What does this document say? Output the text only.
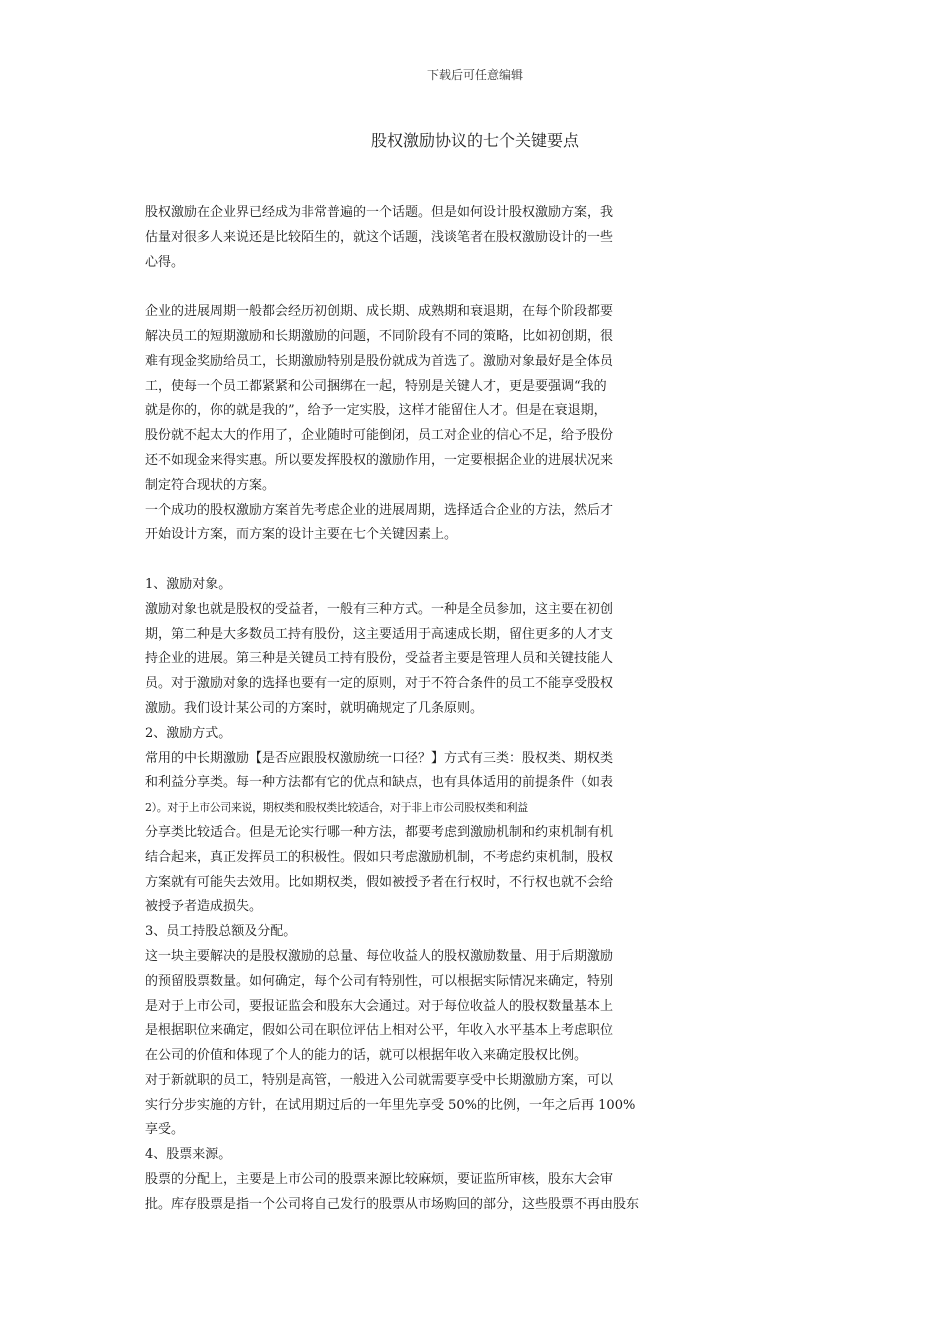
下载后可任意编辑
股权激励协议的七个关键要点
股权激励在企业界已经成为非常普遍的一个话题。但是如何设计股权激励方案，我
估量对很多人来说还是比较陌生的，就这个话题，浅谈笔者在股权激励设计的一些
心得。
企业的进展周期一般都会经历初创期、成长期、成熟期和衰退期，在每个阶段都要
解决员工的短期激励和长期激励的问题，不同阶段有不同的策略，比如初创期，很
难有现金奖励给员工，长期激励特别是股份就成为首选了。激励对象最好是全体员
工，使每一个员工都紧紧和公司捆绑在一起，特别是关键人才，更是要强调“我的
就是你的，你的就是我的”，给予一定实股，这样才能留住人才。但是在衰退期，
股份就不起太大的作用了，企业随时可能倒闭，员工对企业的信心不足，给予股份
还不如现金来得实惠。所以要发挥股权的激励作用，一定要根据企业的进展状况来
制定符合现状的方案。
一个成功的股权激励方案首先考虑企业的进展周期，选择适合企业的方法，然后才
开始设计方案，而方案的设计主要在七个关键因素上。
1、激励对象。
激励对象也就是股权的受益者，一般有三种方式。一种是全员参加，这主要在初创
期，第二种是大多数员工持有股份，这主要适用于高速成长期，留住更多的人才支
持企业的进展。第三种是关键员工持有股份，受益者主要是管理人员和关键技能人
员。对于激励对象的选择也要有一定的原则，对于不符合条件的员工不能享受股权
激励。我们设计某公司的方案时，就明确规定了几条原则。
2、激励方式。
常用的中长期激励【是否应跟股权激励统一口径？】方式有三类：股权类、期权类
和利益分享类。每一种方法都有它的优点和缺点，也有具体适用的前提条件（如表
2）。对于上市公司来说，期权类和股权类比较适合，对于非上市公司股权类和利益
分享类比较适合。但是无论实行哪一种方法，都要考虑到激励机制和约束机制有机
结合起来，真正发挥员工的积极性。假如只考虑激励机制，不考虑约束机制，股权
方案就有可能失去效用。比如期权类，假如被授予者在行权时，不行权也就不会给
被授予者造成损失。
3、员工持股总额及分配。
这一块主要解决的是股权激励的总量、每位收益人的股权激励数量、用于后期激励
的预留股票数量。如何确定，每个公司有特别性，可以根据实际情况来确定，特别
是对于上市公司，要报证监会和股东大会通过。对于每位收益人的股权数量基本上
是根据职位来确定，假如公司在职位评估上相对公平，年收入水平基本上考虑职位
在公司的价值和体现了个人的能力的话，就可以根据年收入来确定股权比例。
对于新就职的员工，特别是高管，一般进入公司就需要享受中长期激励方案，可以
实行分步实施的方针，在试用期过后的一年里先享受 50%的比例，一年之后再 100%
享受。
4、股票来源。
股票的分配上，主要是上市公司的股票来源比较麻烦，要证监所审核，股东大会审
批。库存股票是指一个公司将自己发行的股票从市场购回的部分，这些股票不再由股东
